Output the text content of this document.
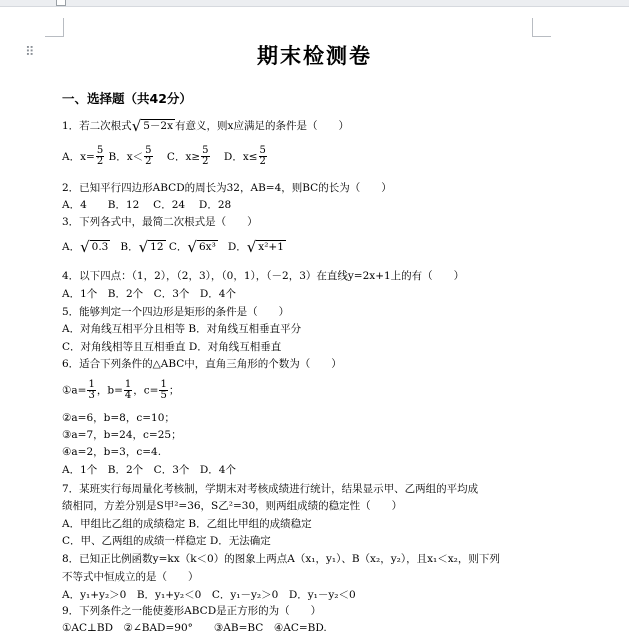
⠿	期末检测卷
一、选择题（共42分）
1．若二次根式√ 5－2x 有意义，则x应满足的条件是（　　）
A．$x= \frac{5}{2}$ B．$x< \frac{5}{2}$ C．$x\ge \frac{5}{2}$ D．$x\le \frac{5}{2}$
2．已知平行四边形ABCD的周长为32，AB=4，则BC的长为（　　）
A．4　　B．12　 C．24　 D．28
3．下列各式中，最简二次根式是（　　）
A．√ 0.3 B．√ 12 C．√ 6x³ D．√ x²+1
4．以下四点：（1，2），（2，3），（0，1），（－2，3）在直线y=2x+1上的有（　　）
A．1个　B．2个　C．3个　D．4个
5．能够判定一个四边形是矩形的条件是（　　）
A．对角线互相平分且相等 B．对角线互相垂直平分
C．对角线相等且互相垂直 D．对角线互相垂直
6．适合下列条件的△ABC中，直角三角形的个数为（　　）
①a= $\frac{1}{3}$ ，$b= \frac{1}{4}$ ，$c= \frac{1}{5}$ ；
②a=6，b=8，c=10；
③a=7，b=24，c=25；
④a=2，b=3，c=4.
A．1个　B．2个　C．3个　D．4个
7．某班实行每周量化考核制，学期末对考核成绩进行统计，结果显示甲、乙两组的平均成
绩相同，方差分别是S甲²=36，S乙²=30，则两组成绩的稳定性（　　）
A．甲组比乙组的成绩稳定 B．乙组比甲组的成绩稳定
C．甲、乙两组的成绩一样稳定 D．无法确定
8．已知正比例函数y=kx（k＜0）的图象上两点A（x₁，y₁）、B（x₂，y₂），且x₁＜x₂，则下列
不等式中恒成立的是（　　）
A．y₁+y₂＞0　B．y₁+y₂＜0　C．y₁－y₂＞0　D．y₁－y₂＜0
9．下列条件之一能使菱形ABCD是正方形的为（　　）
①AC⊥BD　②∠BAD=90°　　③AB=BC　④AC=BD.
